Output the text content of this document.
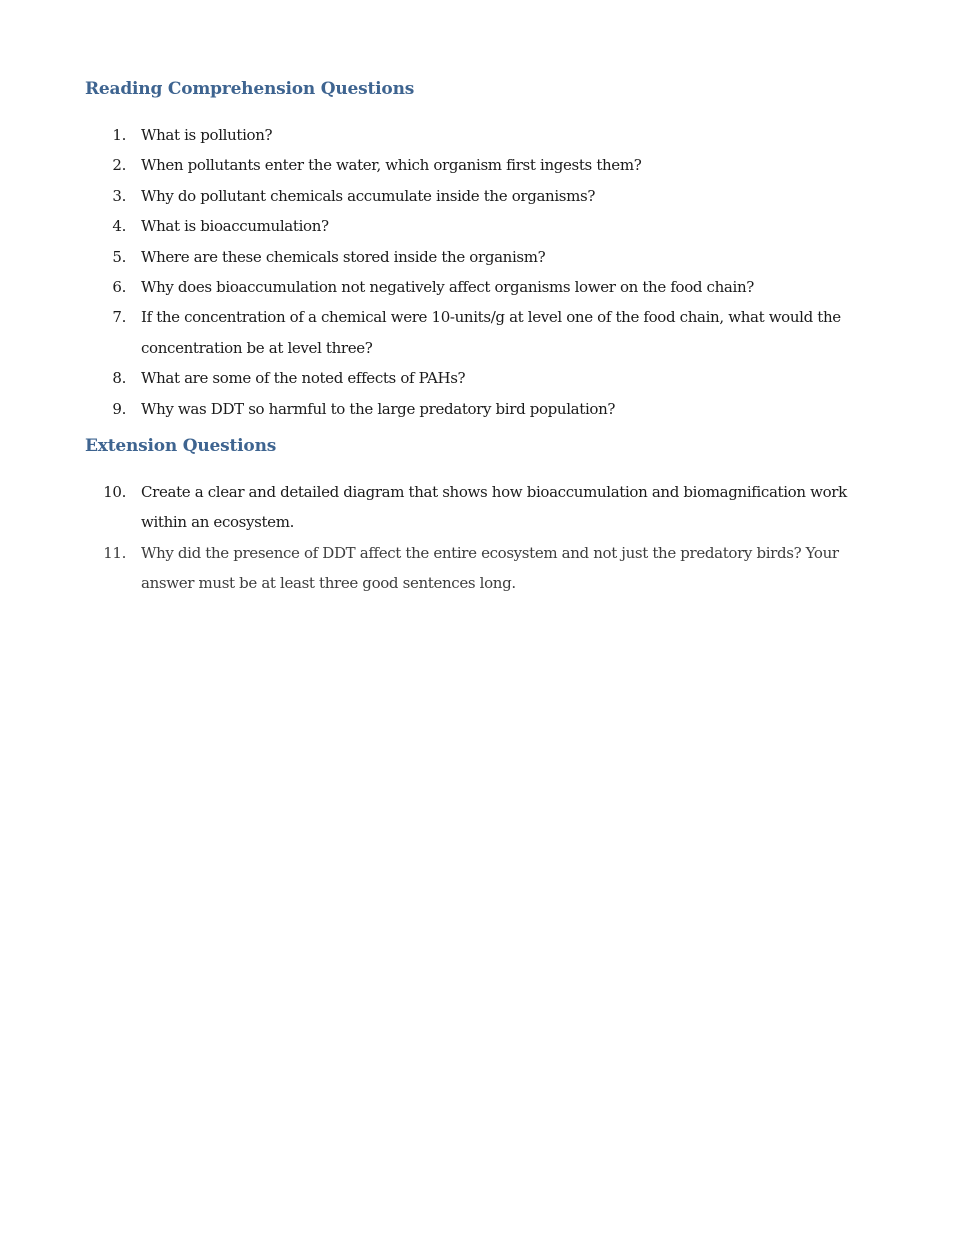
Reading Comprehension Questions
1. What is pollution?
2. When pollutants enter the water, which organism first ingests them?
3. Why do pollutant chemicals accumulate inside the organisms?
4. What is bioaccumulation?
5. Where are these chemicals stored inside the organism?
6. Why does bioaccumulation not negatively affect organisms lower on the food chain?
7. If the concentration of a chemical were 10-units/g at level one of the food chain, what would the concentration be at level three?
8. What are some of the noted effects of PAHs?
9. Why was DDT so harmful to the large predatory bird population?
Extension Questions
10. Create a clear and detailed diagram that shows how bioaccumulation and biomagnification work within an ecosystem.
11. Why did the presence of DDT affect the entire ecosystem and not just the predatory birds? Your answer must be at least three good sentences long.
